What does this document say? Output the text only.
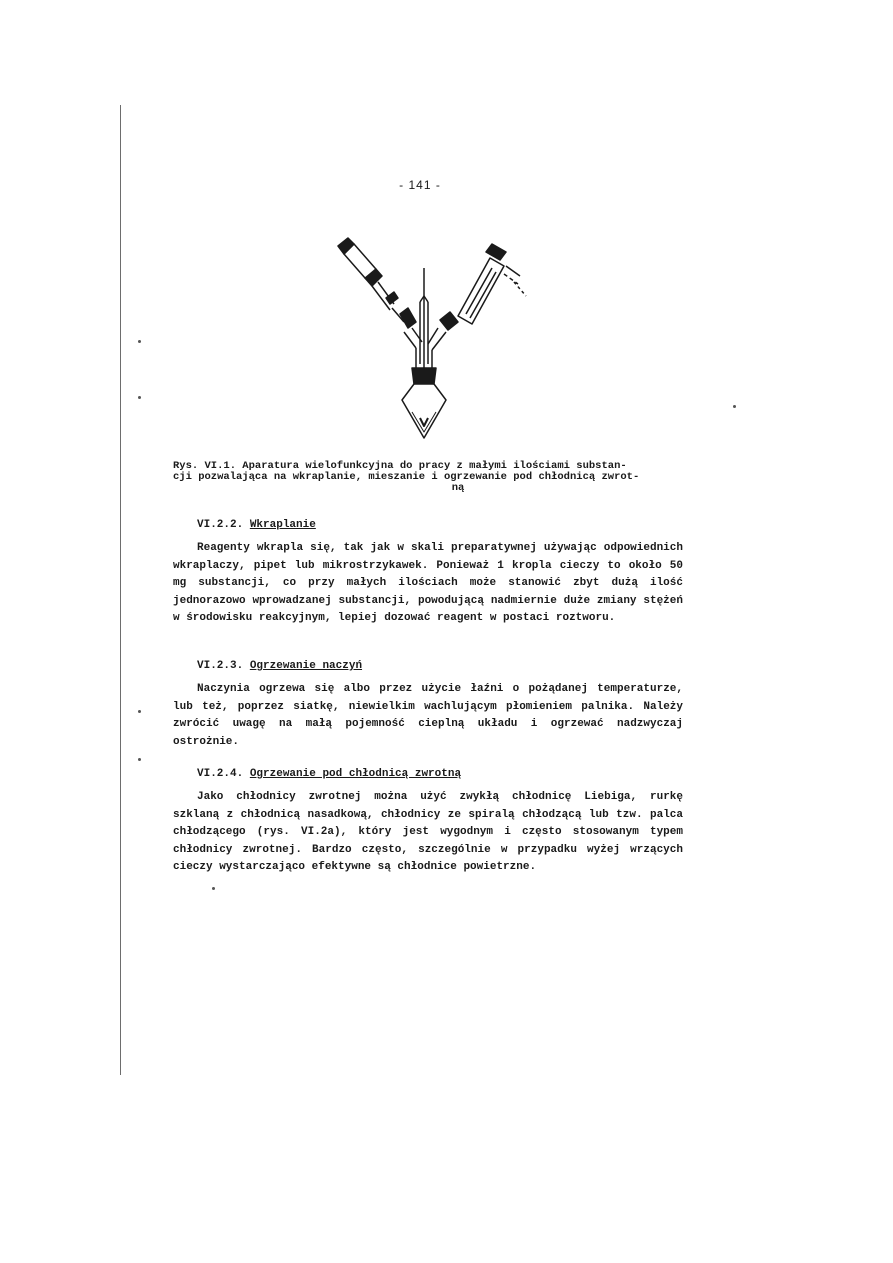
- 141 -
Rys. VI.1. Aparatura wielofunkcyjna do pracy z małymi ilościami substan-
cji pozwalająca na wkraplanie, mieszanie i ogrzewanie pod chłodnicą zwrot-
ną
VI.2.2. Wkraplanie

Reagenty wkrapla się, tak jak w skali preparatywnej używając odpowiednich wkraplaczy, pipet lub mikrostrzykawek. Ponieważ 1 kropla cieczy to około 50 mg substancji, co przy małych ilościach może stanowić zbyt dużą ilość jednorazowo wprowadzanej substancji, powodującą nadmiernie duże zmiany stężeń w środowisku reakcyjnym, lepiej dozować reagent w postaci roztworu.

VI.2.3. Ogrzewanie naczyń

Naczynia ogrzewa się albo przez użycie łaźni o pożądanej temperaturze, lub też, poprzez siatkę, niewielkim wachlującym płomieniem palnika. Należy zwrócić uwagę na małą pojemność cieplną układu i ogrzewać nadzwyczaj ostrożnie.

VI.2.4. Ogrzewanie pod chłodnicą zwrotną

Jako chłodnicy zwrotnej można użyć zwykłą chłodnicę Liebiga, rurkę szklaną z chłodnicą nasadkową, chłodnicy ze spiralą chłodzącą lub tzw. palca chłodzącego (rys. VI.2a), który jest wygodnym i często stosowanym typem chłodnicy zwrotnej. Bardzo często, szczególnie w przypadku wyżej wrzących cieczy wystarczająco efektywne są chłodnice powietrzne.
